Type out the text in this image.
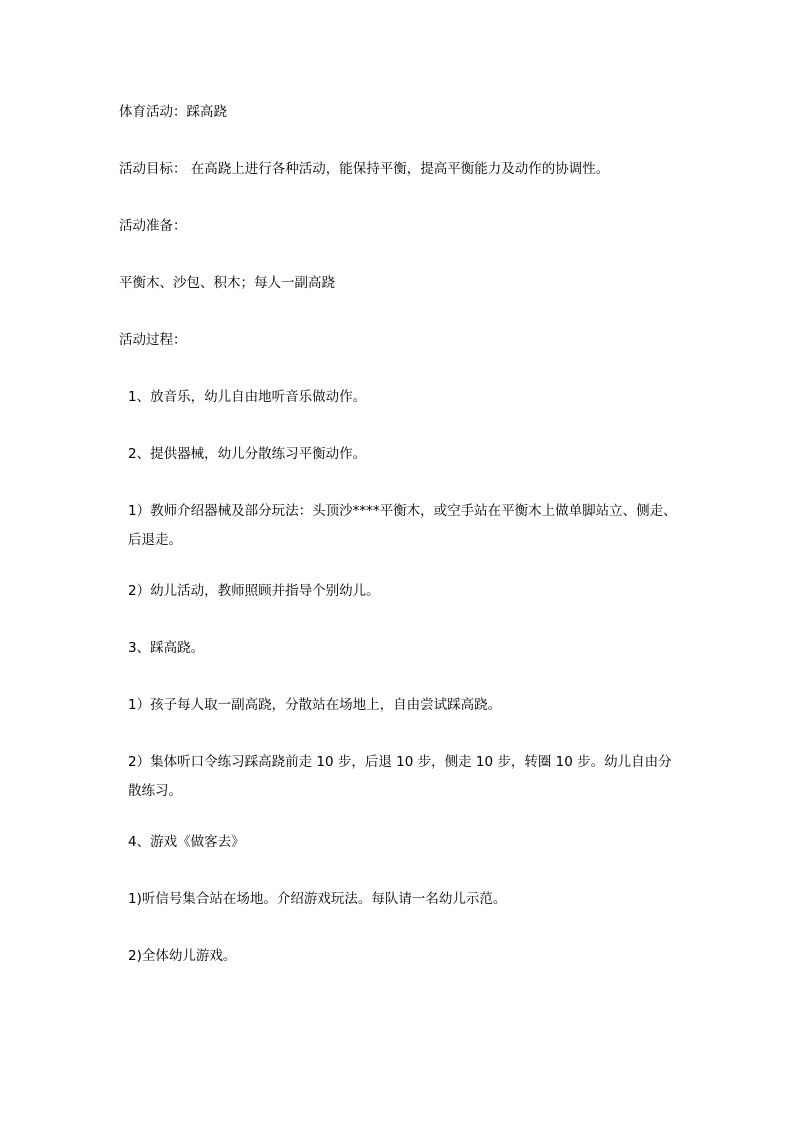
体育活动：踩高跷

活动目标： 在高跷上进行各种活动，能保持平衡，提高平衡能力及动作的协调性。

活动准备：

平衡木、沙包、积木；每人一副高跷

活动过程：

1、放音乐，幼儿自由地听音乐做动作。

2、提供器械，幼儿分散练习平衡动作。

1）教师介绍器械及部分玩法：头顶沙****平衡木，或空手站在平衡木上做单脚站立、侧走、后退走。

2）幼儿活动，教师照顾并指导个别幼儿。

3、踩高跷。

1）孩子每人取一副高跷，分散站在场地上，自由尝试踩高跷。

2）集体听口令练习踩高跷前走 10 步，后退 10 步，侧走 10 步，转圈 10 步。幼儿自由分散练习。

4、游戏《做客去》

1)听信号集合站在场地。介绍游戏玩法。每队请一名幼儿示范。

2)全体幼儿游戏。
